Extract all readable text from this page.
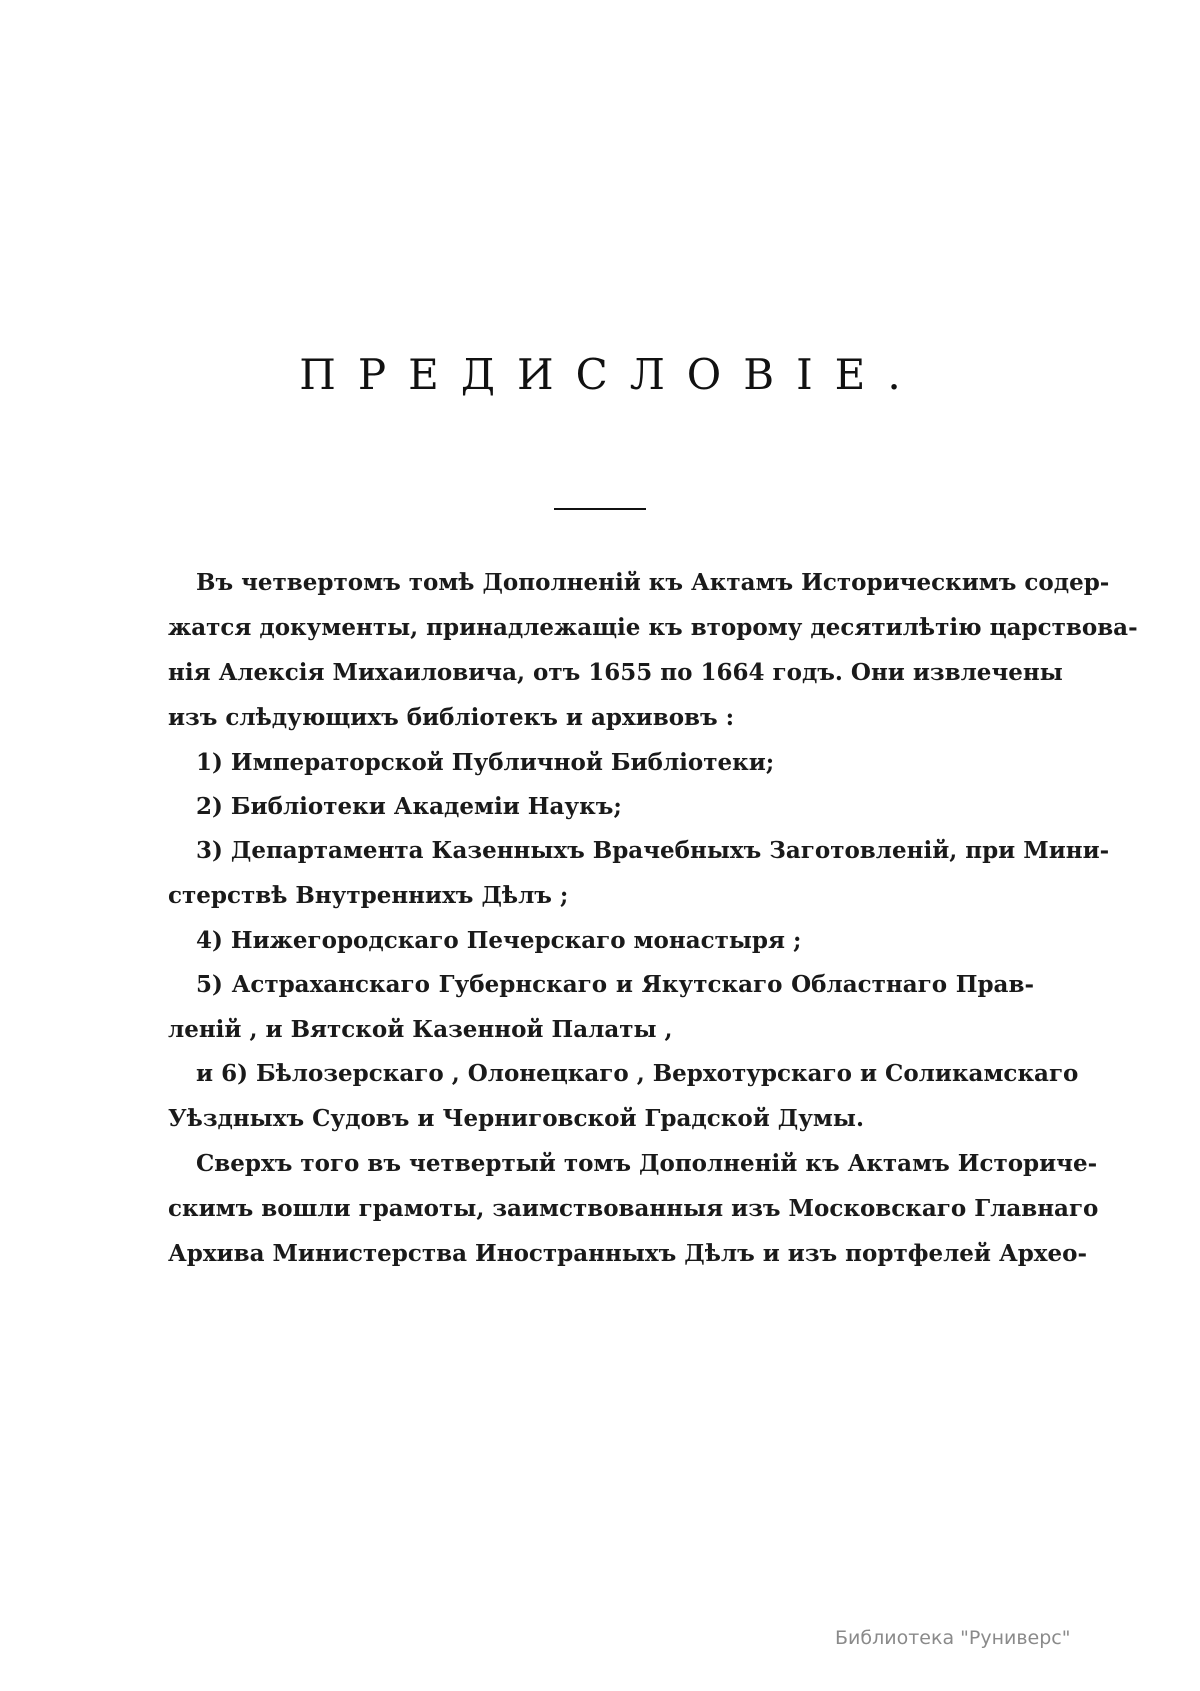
ПРЕДИСЛОВІЕ.
Въ четвертомъ томѣ Дополненій къ Актамъ Историческимъ содер-
жатся документы, принадлежащіе къ второму десятилѣтію царствова-
нія Алексія Михаиловича, отъ 1655 по 1664 годъ. Они извлечены
изъ слѣдующихъ библіотекъ и архивовъ :
1) Императорской Публичной Библіотеки;
2) Библіотеки Академіи Наукъ;
3) Департамента Казенныхъ Врачебныхъ Заготовленій, при Мини-
стерствѣ Внутреннихъ Дѣлъ ;
4) Нижегородскаго Печерскаго монастыря ;
5) Астраханскаго Губернскаго и Якутскаго Областнаго Прав-
леній , и Вятской Казенной Палаты ,
и 6) Бѣлозерскаго , Олонецкаго , Верхотурскаго и Соликамскаго
Уѣздныхъ Судовъ и Черниговской Градской Думы.
Сверхъ того въ четвертый томъ Дополненій къ Актамъ Историче-
скимъ вошли грамоты, заимствованныя изъ Московскаго Главнаго
Архива Министерства Иностранныхъ Дѣлъ и изъ портфелей Архео-
Библиотека "Руниверс"
